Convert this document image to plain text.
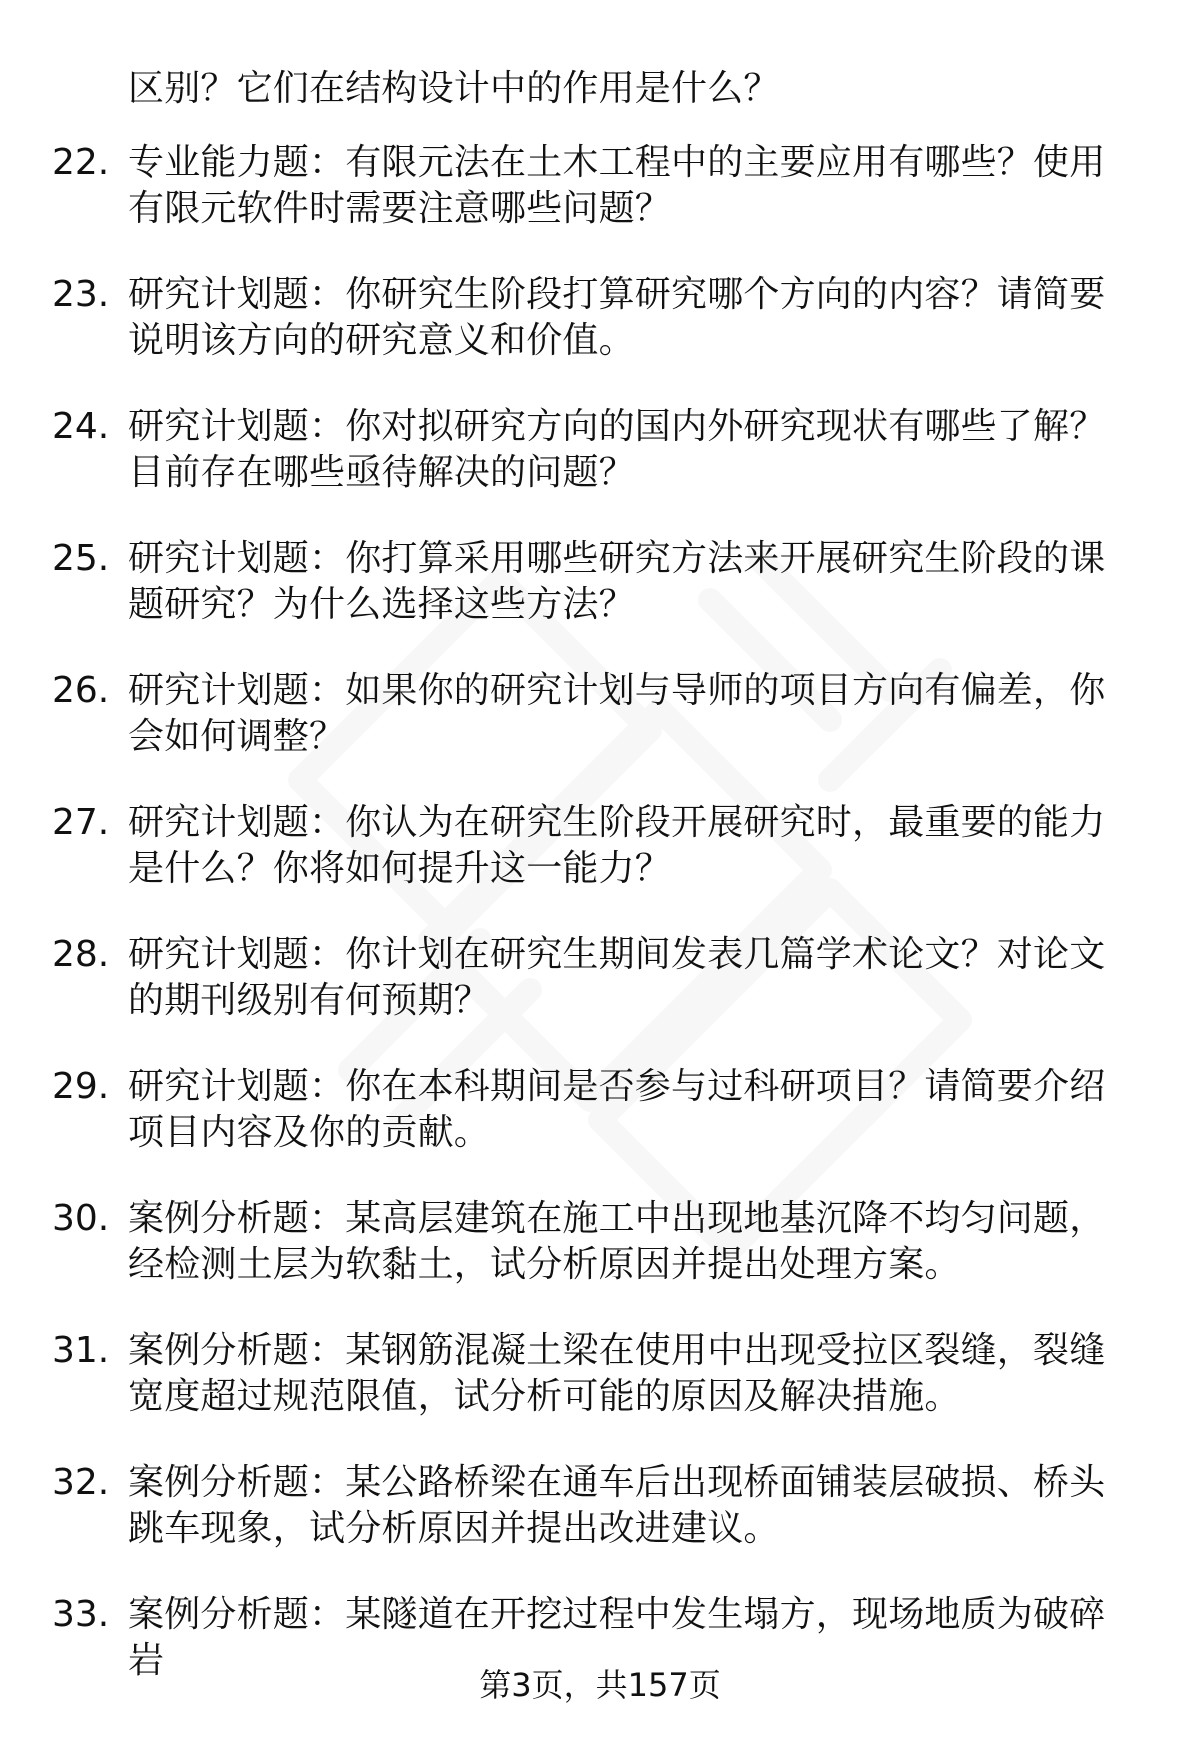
区别？它们在结构设计中的作用是什么？
22. 专业能力题：有限元法在土木工程中的主要应用有哪些？使用有限元软件时需要注意哪些问题？
23. 研究计划题：你研究生阶段打算研究哪个方向的内容？请简要说明该方向的研究意义和价值。
24. 研究计划题：你对拟研究方向的国内外研究现状有哪些了解？目前存在哪些亟待解决的问题？
25. 研究计划题：你打算采用哪些研究方法来开展研究生阶段的课题研究？为什么选择这些方法？
26. 研究计划题：如果你的研究计划与导师的项目方向有偏差，你会如何调整？
27. 研究计划题：你认为在研究生阶段开展研究时，最重要的能力是什么？你将如何提升这一能力？
28. 研究计划题：你计划在研究生期间发表几篇学术论文？对论文的期刊级别有何预期？
29. 研究计划题：你在本科期间是否参与过科研项目？请简要介绍项目内容及你的贡献。
30. 案例分析题：某高层建筑在施工中出现地基沉降不均匀问题，经检测土层为软黏土，试分析原因并提出处理方案。
31. 案例分析题：某钢筋混凝土梁在使用中出现受拉区裂缝，裂缝宽度超过规范限值，试分析可能的原因及解决措施。
32. 案例分析题：某公路桥梁在通车后出现桥面铺装层破损、桥头跳车现象，试分析原因并提出改进建议。
33. 案例分析题：某隧道在开挖过程中发生塌方，现场地质为破碎岩
第3页，共157页
